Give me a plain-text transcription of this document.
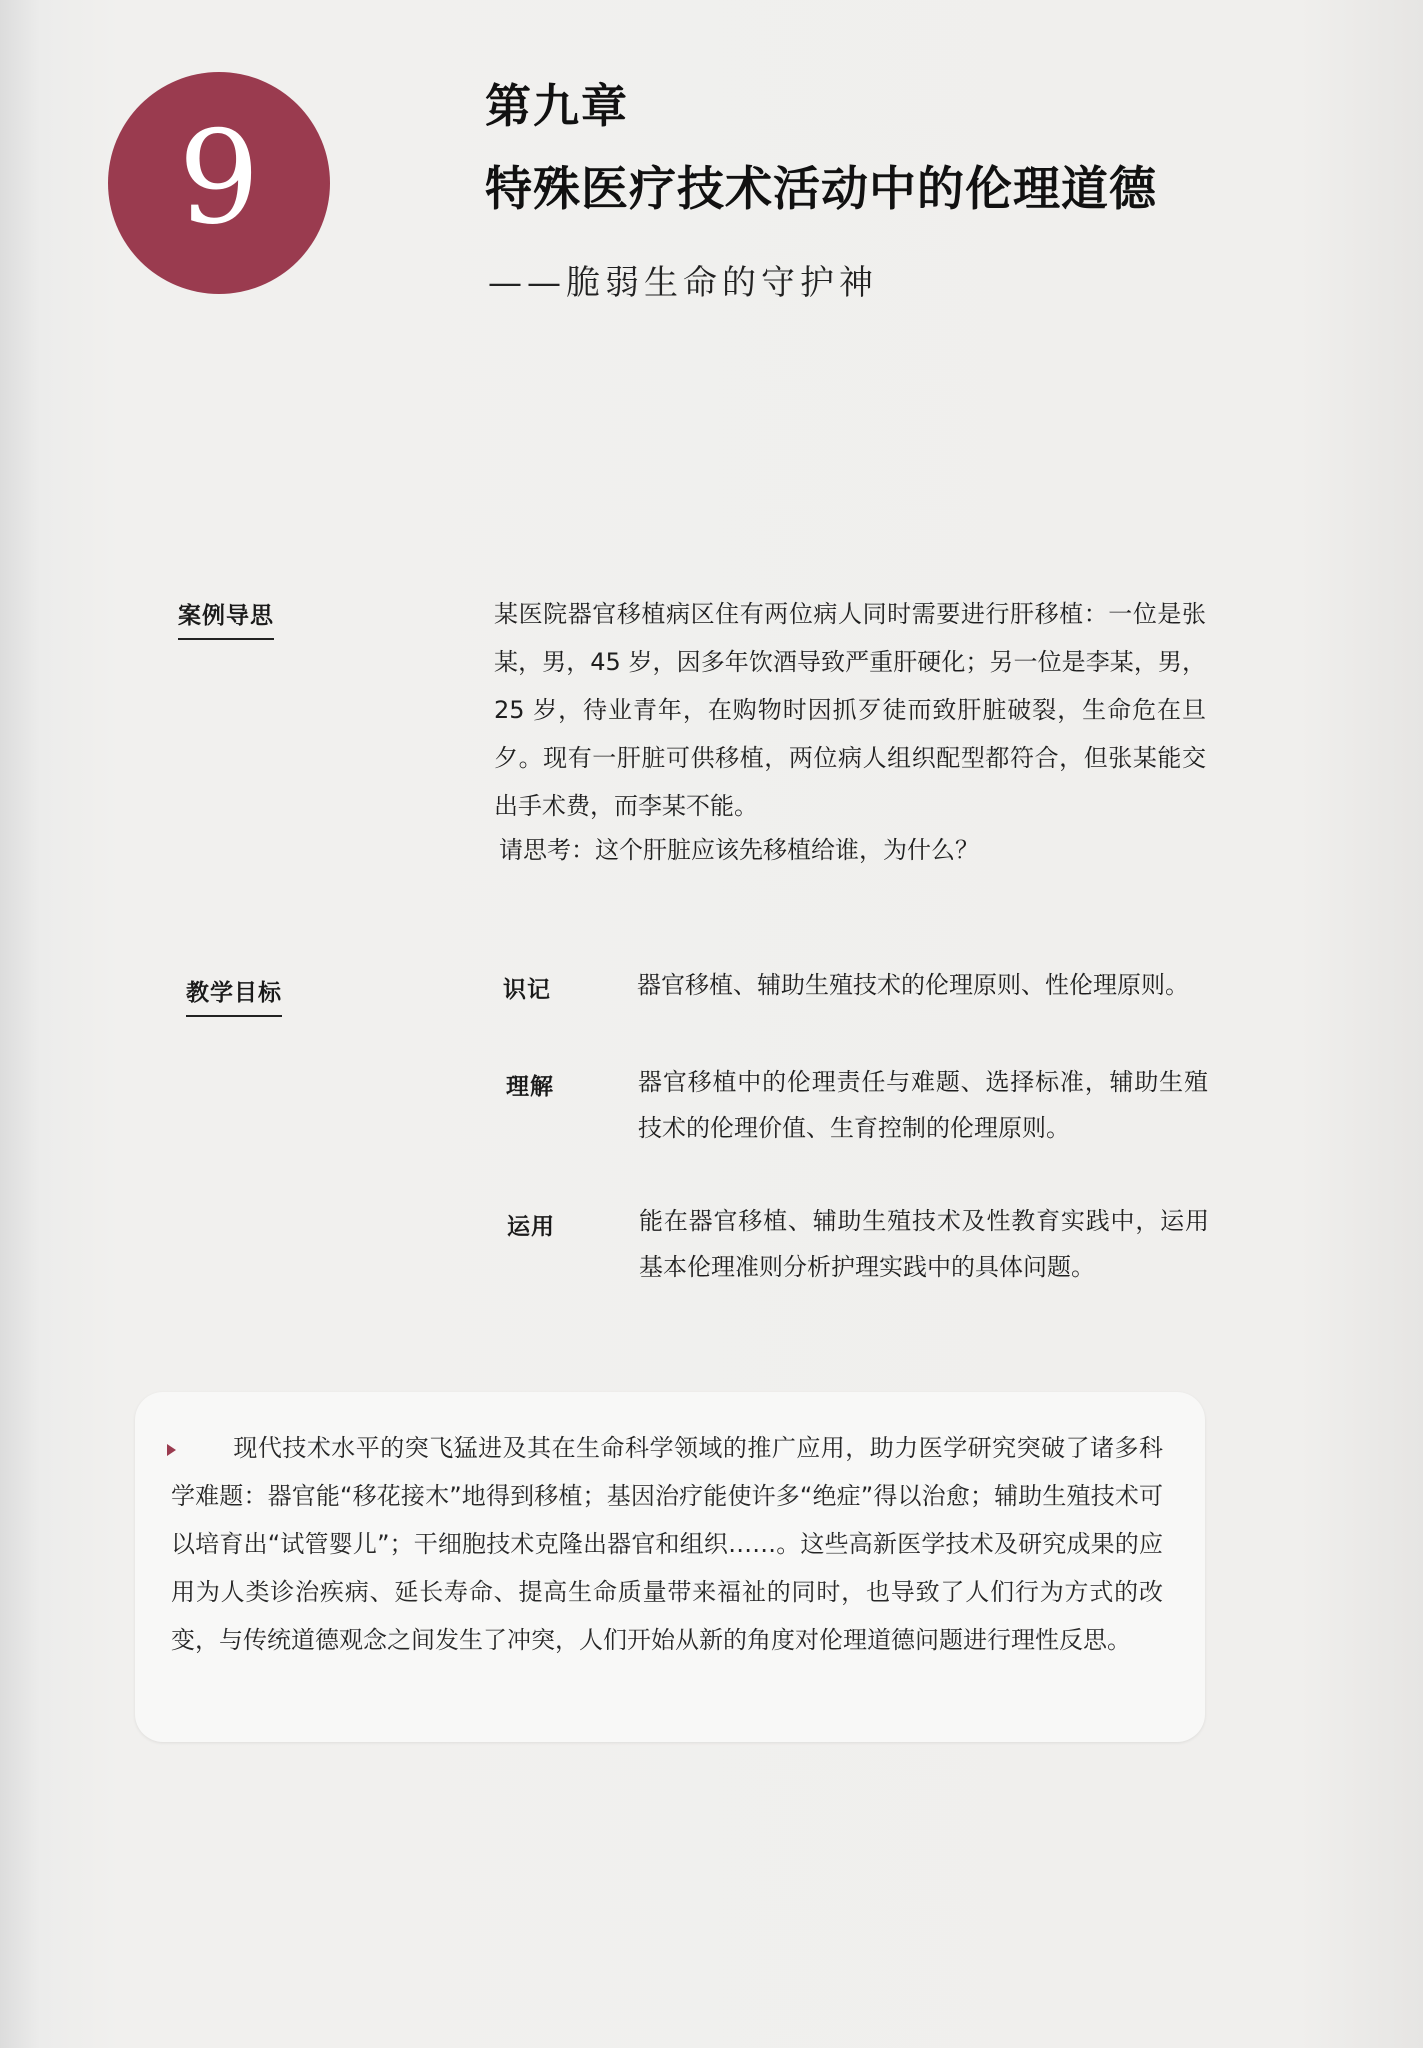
9	第九章
特殊医疗技术活动中的伦理道德
——脆弱生命的守护神
案例导思	某医院器官移植病区住有两位病人同时需要进行肝移植：一位是张某，男，45 岁，因多年饮酒导致严重肝硬化；另一位是李某，男，25 岁，待业青年，在购物时因抓歹徒而致肝脏破裂，生命危在旦夕。现有一肝脏可供移植，两位病人组织配型都符合，但张某能交出手术费，而李某不能。

请思考：这个肝脏应该先移植给谁，为什么？
教学目标	识记	器官移植、辅助生殖技术的伦理原则、性伦理原则。

理解	器官移植中的伦理责任与难题、选择标准，辅助生殖技术的伦理价值、生育控制的伦理原则。

运用	能在器官移植、辅助生殖技术及性教育实践中，运用基本伦理准则分析护理实践中的具体问题。

现代技术水平的突飞猛进及其在生命科学领域的推广应用，助力医学研究突破了诸多科学难题：器官能“移花接木”地得到移植；基因治疗能使许多“绝症”得以治愈；辅助生殖技术可以培育出“试管婴儿”；干细胞技术克隆出器官和组织……。这些高新医学技术及研究成果的应用为人类诊治疾病、延长寿命、提高生命质量带来福祉的同时，也导致了人们行为方式的改变，与传统道德观念之间发生了冲突，人们开始从新的角度对伦理道德问题进行理性反思。
